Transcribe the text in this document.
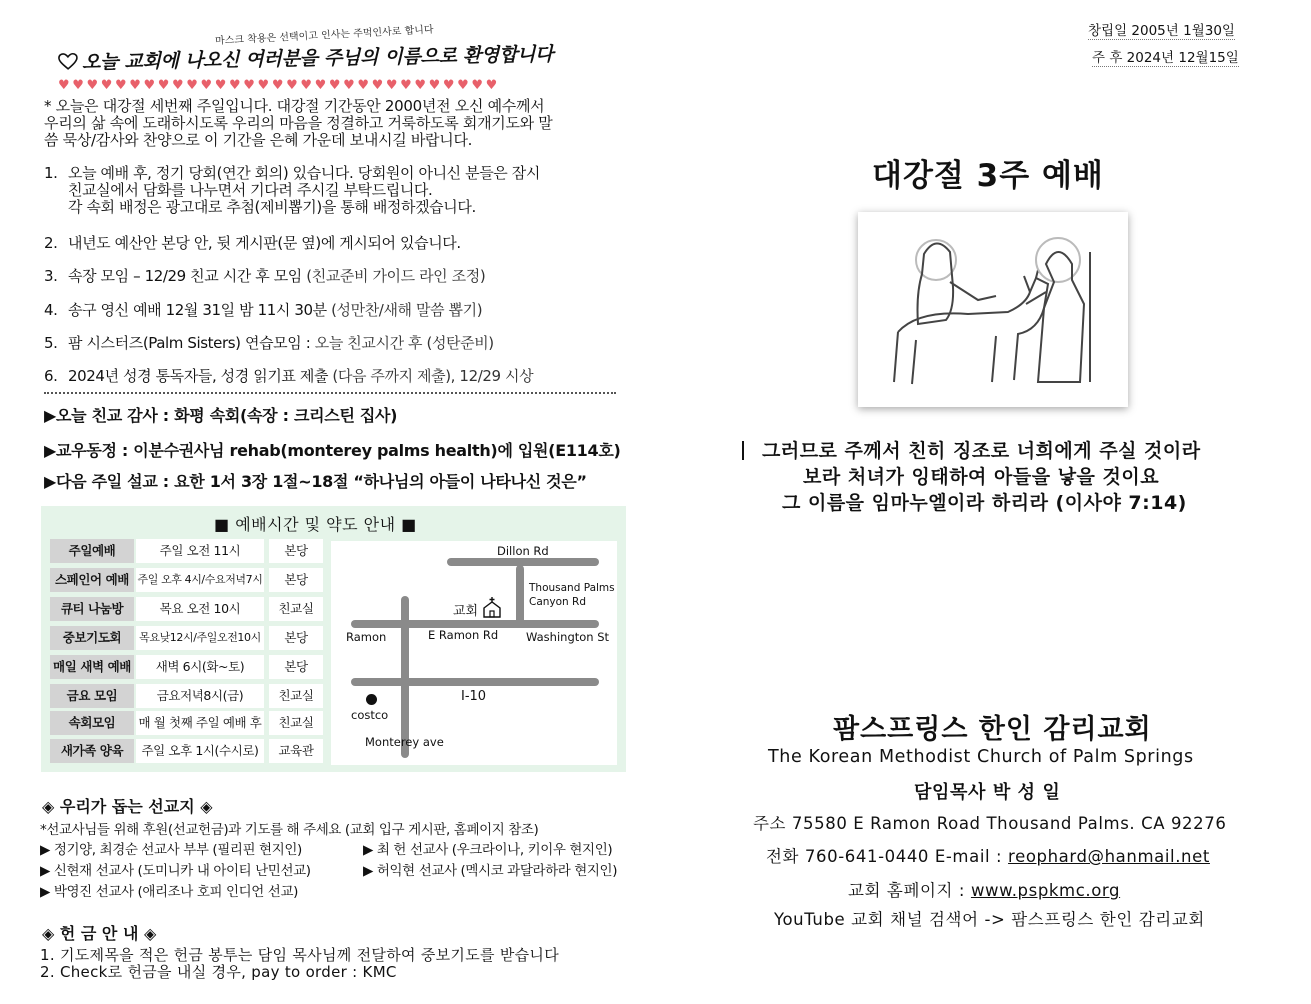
마스크 착용은 선택이고 인사는 주먹인사로 합니다
오늘 교회에 나오신 여러분을 주님의 이름으로 환영합니다
♥♥♥♥♥♥♥♥♥♥♥♥♥♥♥♥♥♥♥♥♥♥♥♥♥♥♥♥♥♥♥
* 오늘은 대강절 세번째 주일입니다. 대강절 기간동안 2000년전 오신 예수께서
우리의 삶 속에 도래하시도록 우리의 마음을 정결하고 거룩하도록 회개기도와 말
씀 묵상/감사와 찬양으로 이 기간을 은혜 가운데 보내시길 바랍니다.
1. 오늘 예배 후, 정기 당회(연간 회의) 있습니다. 당회원이 아니신 분들은 잠시
친교실에서 담화를 나누면서 기다려 주시길 부탁드립니다.
각 속회 배정은 광고대로 추첨(제비뽑기)을 통해 배정하겠습니다.
2. 내년도 예산안 본당 안, 뒷 게시판(문 옆)에 게시되어 있습니다.
3. 속장 모임 – 12/29 친교 시간 후 모임 (친교준비 가이드 라인 조정)
4. 송구 영신 예배 12월 31일 밤 11시 30분 (성만찬/새해 말씀 뽑기)
5. 팜 시스터즈(Palm Sisters) 연습모임 : 오늘 친교시간 후 (성탄준비)
6. 2024년 성경 통독자들, 성경 읽기표 제출 (다음 주까지 제출), 12/29 시상
▶오늘 친교 감사 : 화평 속회(속장 : 크리스틴 집사)
▶교우동정 : 이분수권사님 rehab(monterey palms health)에 입원(E114호)
▶다음 주일 설교 : 요한 1서 3장 1절~18절 “하나님의 아들이 나타나신 것은”
■ 예배시간 및 약도 안내 ■
주일예배	주일 오전 11시	본당
스페인어 예배 주일 오후 4시/수요저녁7시	본당
큐티 나눔방	목요 오전 10시	친교실
중보기도회	목요낮12시/주일오전10시	본당
매일 새벽 예배	새벽 6시(화~토)	본당
금요 모임	금요저녁8시(금)	친교실
속회모임	매 월 첫째 주일 예배 후	친교실
새가족 양육	주일 오후 1시(수시로)	교육관
Dillon Rd
Thousand Palms
Canyon Rd
교회
Ramon	E Ramon Rd Washington St
I-10
costco
Monterey ave
◈ 우리가 돕는 선교지 ◈
*선교사님들 위해 후원(선교헌금)과 기도를 해 주세요 (교회 입구 게시판, 홈페이지 참조)
▶ 정기양, 최경순 선교사 부부 (필리핀 현지인)	▶ 최 헌 선교사 (우크라이나, 키이우 현지인)
▶ 신현재 선교사 (도미니카 내 아이티 난민선교)	▶ 허익현 선교사 (멕시코 과달라하라 현지인)
▶ 박영진 선교사 (애리조나 호피 인디언 선교)
◈ 헌 금 안 내 ◈
1. 기도제목을 적은 헌금 봉투는 담임 목사님께 전달하여 중보기도를 받습니다
2. Check로 헌금을 내실 경우, pay to order : KMC
창립일 2005년 1월30일
주 후 2024년 12월15일
대강절 3주 예배
그러므로 주께서 친히 징조로 너희에게 주실 것이라
보라 처녀가 잉태하여 아들을 낳을 것이요
그 이름을 임마누엘이라 하리라 (이사야 7:14)
팜스프링스 한인 감리교회
The Korean Methodist Church of Palm Springs
담임목사 박 성 일
주소 75580 E Ramon Road Thousand Palms. CA 92276
전화 760-641-0440 E-mail : reophard@hanmail.net
교회 홈페이지 : www.pspkmc.org
YouTube 교회 채널 검색어 -> 팜스프링스 한인 감리교회
